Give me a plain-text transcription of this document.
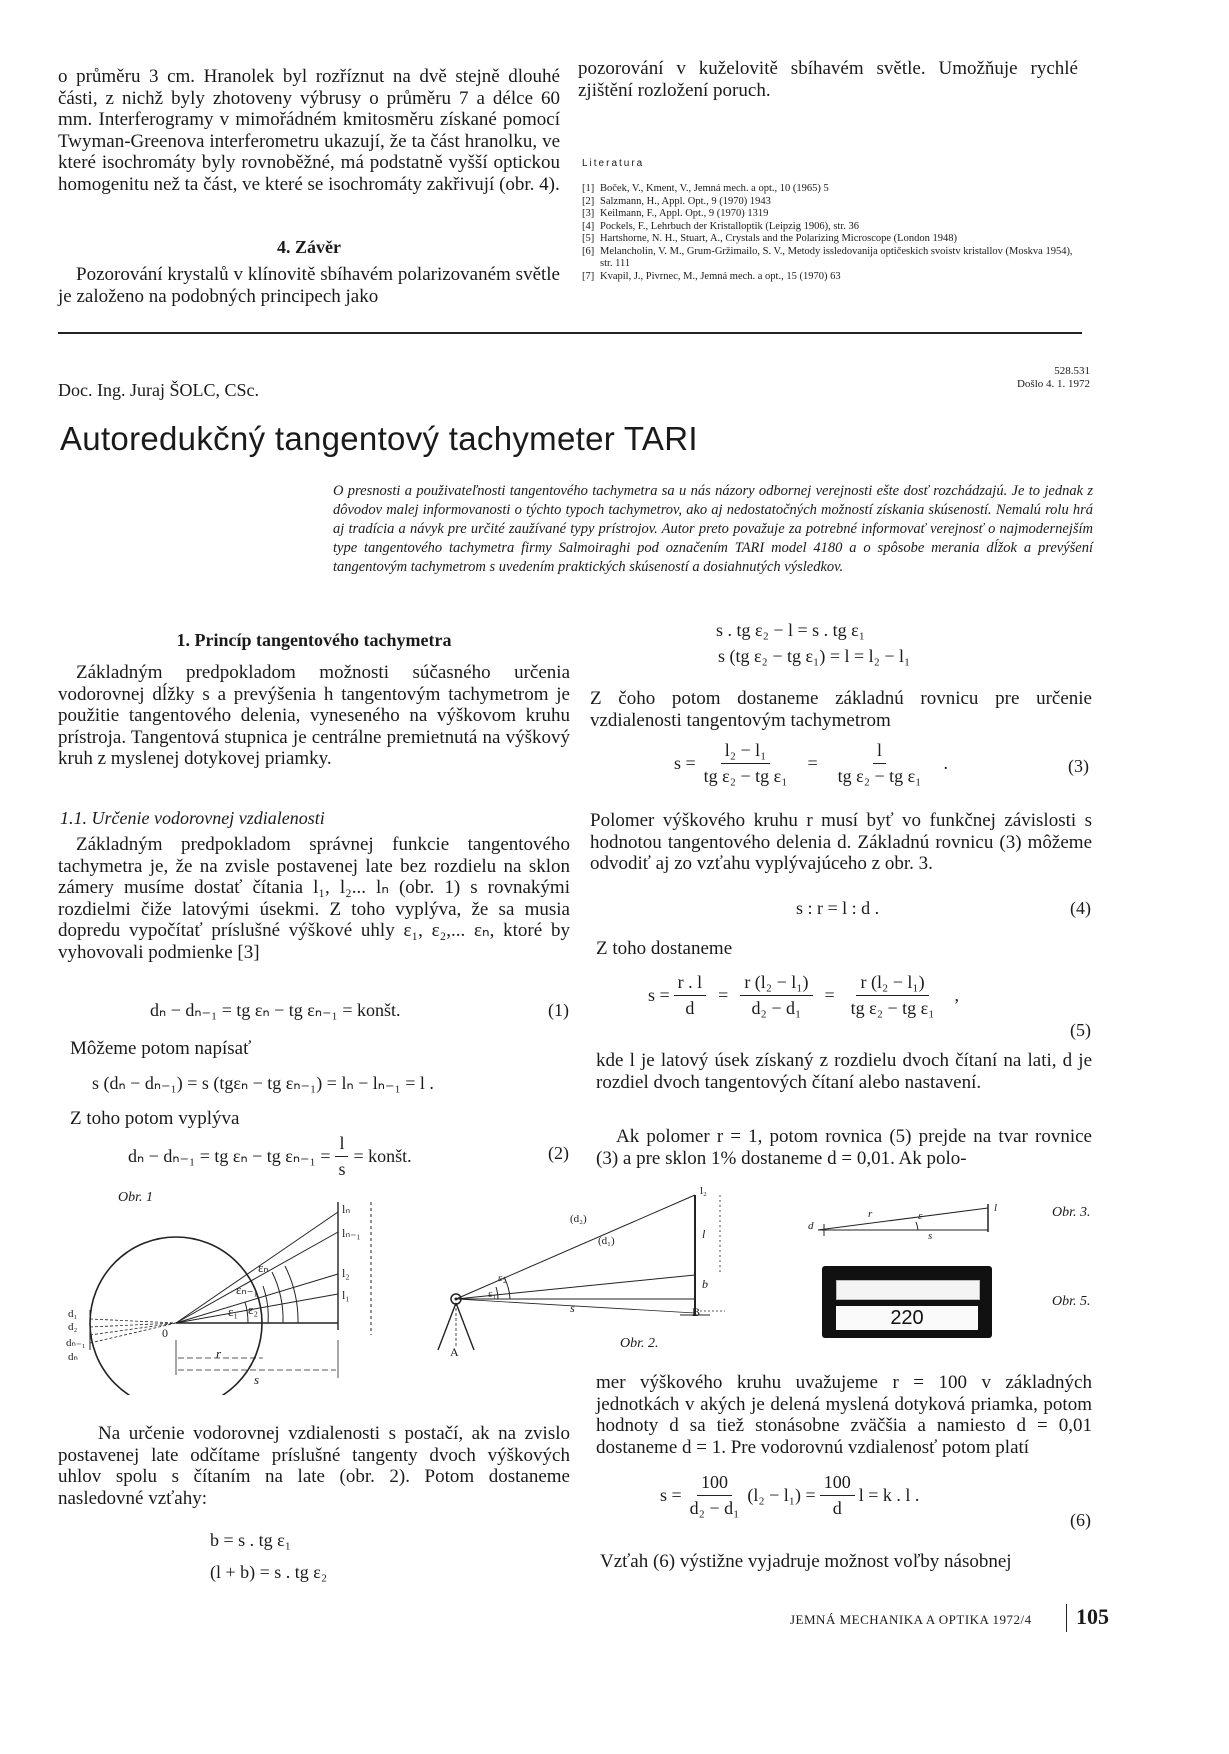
o průměru 3 cm. Hranolek byl rozříznut na dvě stejně dlouhé části, z nichž byly zhotoveny výbrusy o průměru 7 a délce 60 mm. Interferogramy v mimořádném kmitosměru získané pomocí Twyman-Greenova interferometru ukazují, že ta část hranolku, ve které isochromáty byly rovnoběžné, má podstatně vyšší optickou homogenitu než ta část, ve které se isochromáty zakřivují (obr. 4).

4. Závěr

Pozorování krystalů v klínovitě sbíhavém polarizovaném světle je založeno na podobných principech jako

pozorování v kuželovitě sbíhavém světle. Umožňuje rychlé zjištění rozložení poruch.

Literatura
[1] Boček, V., Kment, V., Jemná mech. a opt., 10 (1965) 5
[2] Salzmann, H., Appl. Opt., 9 (1970) 1943
[3] Keilmann, F., Appl. Opt., 9 (1970) 1319
[4] Pockels, F., Lehrbuch der Kristalloptik (Leipzig 1906), str. 36
[5] Hartshorne, N. H., Stuart, A., Crystals and the Polarizing Microscope (London 1948)
[6] Melancholin, V. M., Grum-Gržimailo, S. V., Metody issledovanija optičeskich svoistv kristallov (Moskva 1954), str. 111
[7] Kvapil, J., Pivrnec, M., Jemná mech. a opt., 15 (1970) 63
Doc. Ing. Juraj ŠOLC, CSc.
528.531
Došlo 4. 1. 1972
Autoredukčný tangentový tachymeter TARI
O presnosti a použivateľnosti tangentového tachymetra sa u nás názory odbornej verejnosti ešte dosť rozchádzajú. Je to jednak z dôvodov malej informovanosti o týchto typoch tachymetrov, ako aj nedostatočných možností získania skúseností. Nemalú rolu hrá aj tradícia a návyk pre určité zaužívané typy prístrojov. Autor preto považuje za potrebné informovať verejnosť o najmodernejším type tangentového tachymetra firmy Salmoiraghi pod označením TARI model 4180 a o spôsobe merania dĺžok a prevýšení tangentovým tachymetrom s uvedením praktických skúseností a dosiahnutých výsledkov.
1. Princíp tangentového tachymetra

Základným predpokladom možnosti súčasného určenia vodorovnej dĺžky s a prevýšenia h tangentovým tachymetrom je použitie tangentového delenia, vyneseného na výškovom kruhu prístroja. Tangentová stupnica je centrálne premietnutá na výškový kruh z myslenej dotykovej priamky.

1.1. Určenie vodorovnej vzdialenosti

Základným predpokladom správnej funkcie tangentového tachymetra je, že na zvisle postavenej late bez rozdielu na sklon zámery musíme dostať čítania l₁, l₂... lₙ (obr. 1) s rovnakými rozdielmi čiže latovými úsekmi. Z toho vyplýva, že sa musia dopredu vypočítať príslušné výškové uhly ε₁, ε₂,... εₙ, ktoré by vyhovovali podmienke [3]

dₙ − dₙ₋₁ = tg εₙ − tg εₙ₋₁ = konšt.	(1)
Môžeme potom napísať
s (dₙ − dₙ₋₁) = s (tgεₙ − tg εₙ₋₁) = lₙ − lₙ₋₁ = l .
Z toho potom vyplýva
dₙ − dₙ₋₁ = tg εₙ − tg $\varepsilon_{n-1} = \frac{l}{s}$ = konšt.	(2)
Obr. 1
lₙ
lₙ₋₁
l₂
l₁
εₙ
εₙ₋₁
ε₁ ε₂
0
r
s
d₁
d₂
dₙ₋₁
dₙ

Na určenie vodorovnej vzdialenosti s postačí, ak na zvislo postavenej late odčítame príslušné tangenty dvoch výškových uhlov spolu s čítaním na late (obr. 2). Potom dostaneme nasledovné vzťahy:

b = s . tg ε₁
(l + b) = s . tg ε₂
s . tg ε₂ − l = s . tg ε₁
s (tg ε₂ − tg ε₁) = l = l₂ − l₁

Z čoho potom dostaneme základnú rovnicu pre určenie vzdialenosti tangentovým tachymetrom

$s = \frac{\text{l₂ − l₁}}{\text{tg ε₂ − tg ε₁}} = \frac{l}{\text{tg ε₂ − tg ε₁}}$ .	(3)

Polomer výškového kruhu r musí byť vo funkčnej závislosti s hodnotou tangentového delenia d. Základnú rovnicu (3) môžeme odvodiť aj zo vzťahu vyplývajúceho z obr. 3.

s : r = l : d .	(4)
Z toho dostaneme
$s = \frac{r . l}{d} = \frac{\text{r (l₂ − l₁)}}{\text{d₂ − d₁}} = \frac{\text{r (l₂ − l₁)}}{\text{tg ε₂ − tg ε₁}}$ ,
(5)

kde l je latový úsek získaný z rozdielu dvoch čítaní na lati, d je rozdiel dvoch tangentových čítaní alebo nastavení.

Ak polomer r = 1, potom rovnica (5) prejde na tvar rovnice (3) a pre sklon 1% dostaneme d = 0,01. Ak polo-

(d₂)
(d₁)
ε₂
ε₁
s
l₂
l
b
A
B
Obr. 2.
d
r	ε
s
l	Obr. 3.
220
Obr. 5.

mer výškového kruhu uvažujeme r = 100 v základných jednotkách v akých je delená myslená dotyková priamka, potom hodnoty d sa tiež stonásobne zväčšia a namiesto d = 0,01 dostaneme d = 1. Pre vodorovnú vzdialenosť potom platí

$s = \frac{100}{\text{d₂ − d₁}} (l_2 - l_1) = \frac{100}{d}$ l = k . l .
(6)

Vzťah (6) výstižne vyjadruje možnost voľby násobnej

JEMNÁ MECHANIKA A OPTIKA 1972/4 105
